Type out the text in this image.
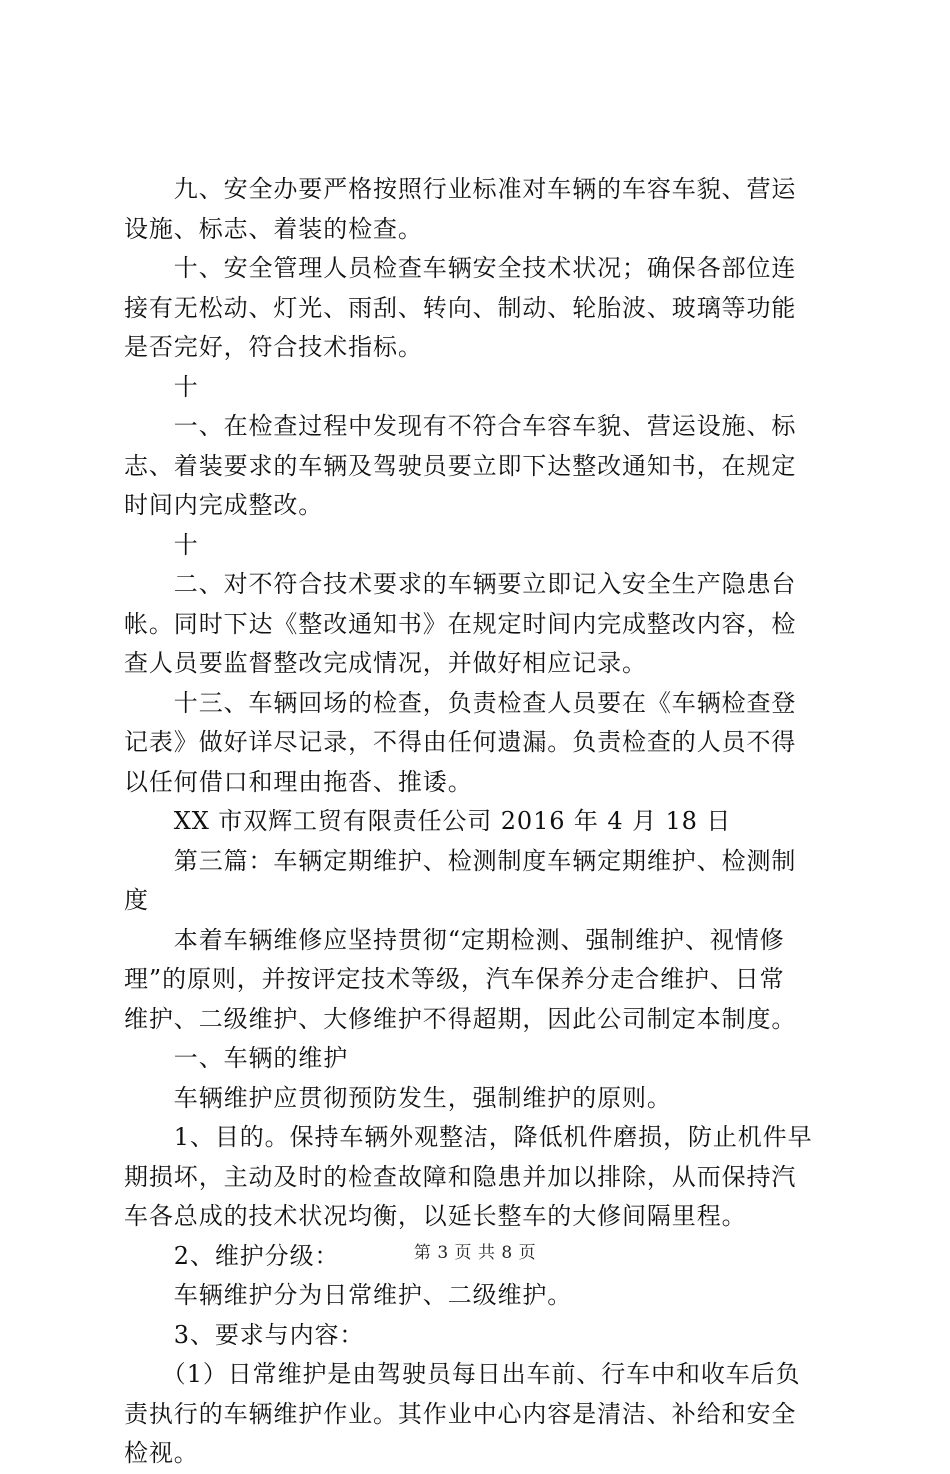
　　九、安全办要严格按照行业标准对车辆的车容车貌、营运
设施、标志、着装的检查。
　　十、安全管理人员检查车辆安全技术状况；确保各部位连
接有无松动、灯光、雨刮、转向、制动、轮胎波、玻璃等功能
是否完好，符合技术指标。
　　十
　　一、在检查过程中发现有不符合车容车貌、营运设施、标
志、着装要求的车辆及驾驶员要立即下达整改通知书，在规定
时间内完成整改。
　　十
　　二、对不符合技术要求的车辆要立即记入安全生产隐患台
帐。同时下达《整改通知书》在规定时间内完成整改内容，检
查人员要监督整改完成情况，并做好相应记录。
　　十三、车辆回场的检查，负责检查人员要在《车辆检查登
记表》做好详尽记录，不得由任何遗漏。负责检查的人员不得
以任何借口和理由拖沓、推诿。
　　XX 市双辉工贸有限责任公司 2016 年 4 月 18 日
　　第三篇：车辆定期维护、检测制度车辆定期维护、检测制
度
　　本着车辆维修应坚持贯彻“定期检测、强制维护、视情修
理”的原则，并按评定技术等级，汽车保养分走合维护、日常
维护、二级维护、大修维护不得超期，因此公司制定本制度。
　　一、车辆的维护
　　车辆维护应贯彻预防发生，强制维护的原则。
　　1、目的。保持车辆外观整洁，降低机件磨损，防止机件早
期损坏，主动及时的检查故障和隐患并加以排除，从而保持汽
车各总成的技术状况均衡，以延长整车的大修间隔里程。
　　2、维护分级：
　　车辆维护分为日常维护、二级维护。
　　3、要求与内容：
　　（1）日常维护是由驾驶员每日出车前、行车中和收车后负
责执行的车辆维护作业。其作业中心内容是清洁、补给和安全
检视。
第 3 页 共 8 页
